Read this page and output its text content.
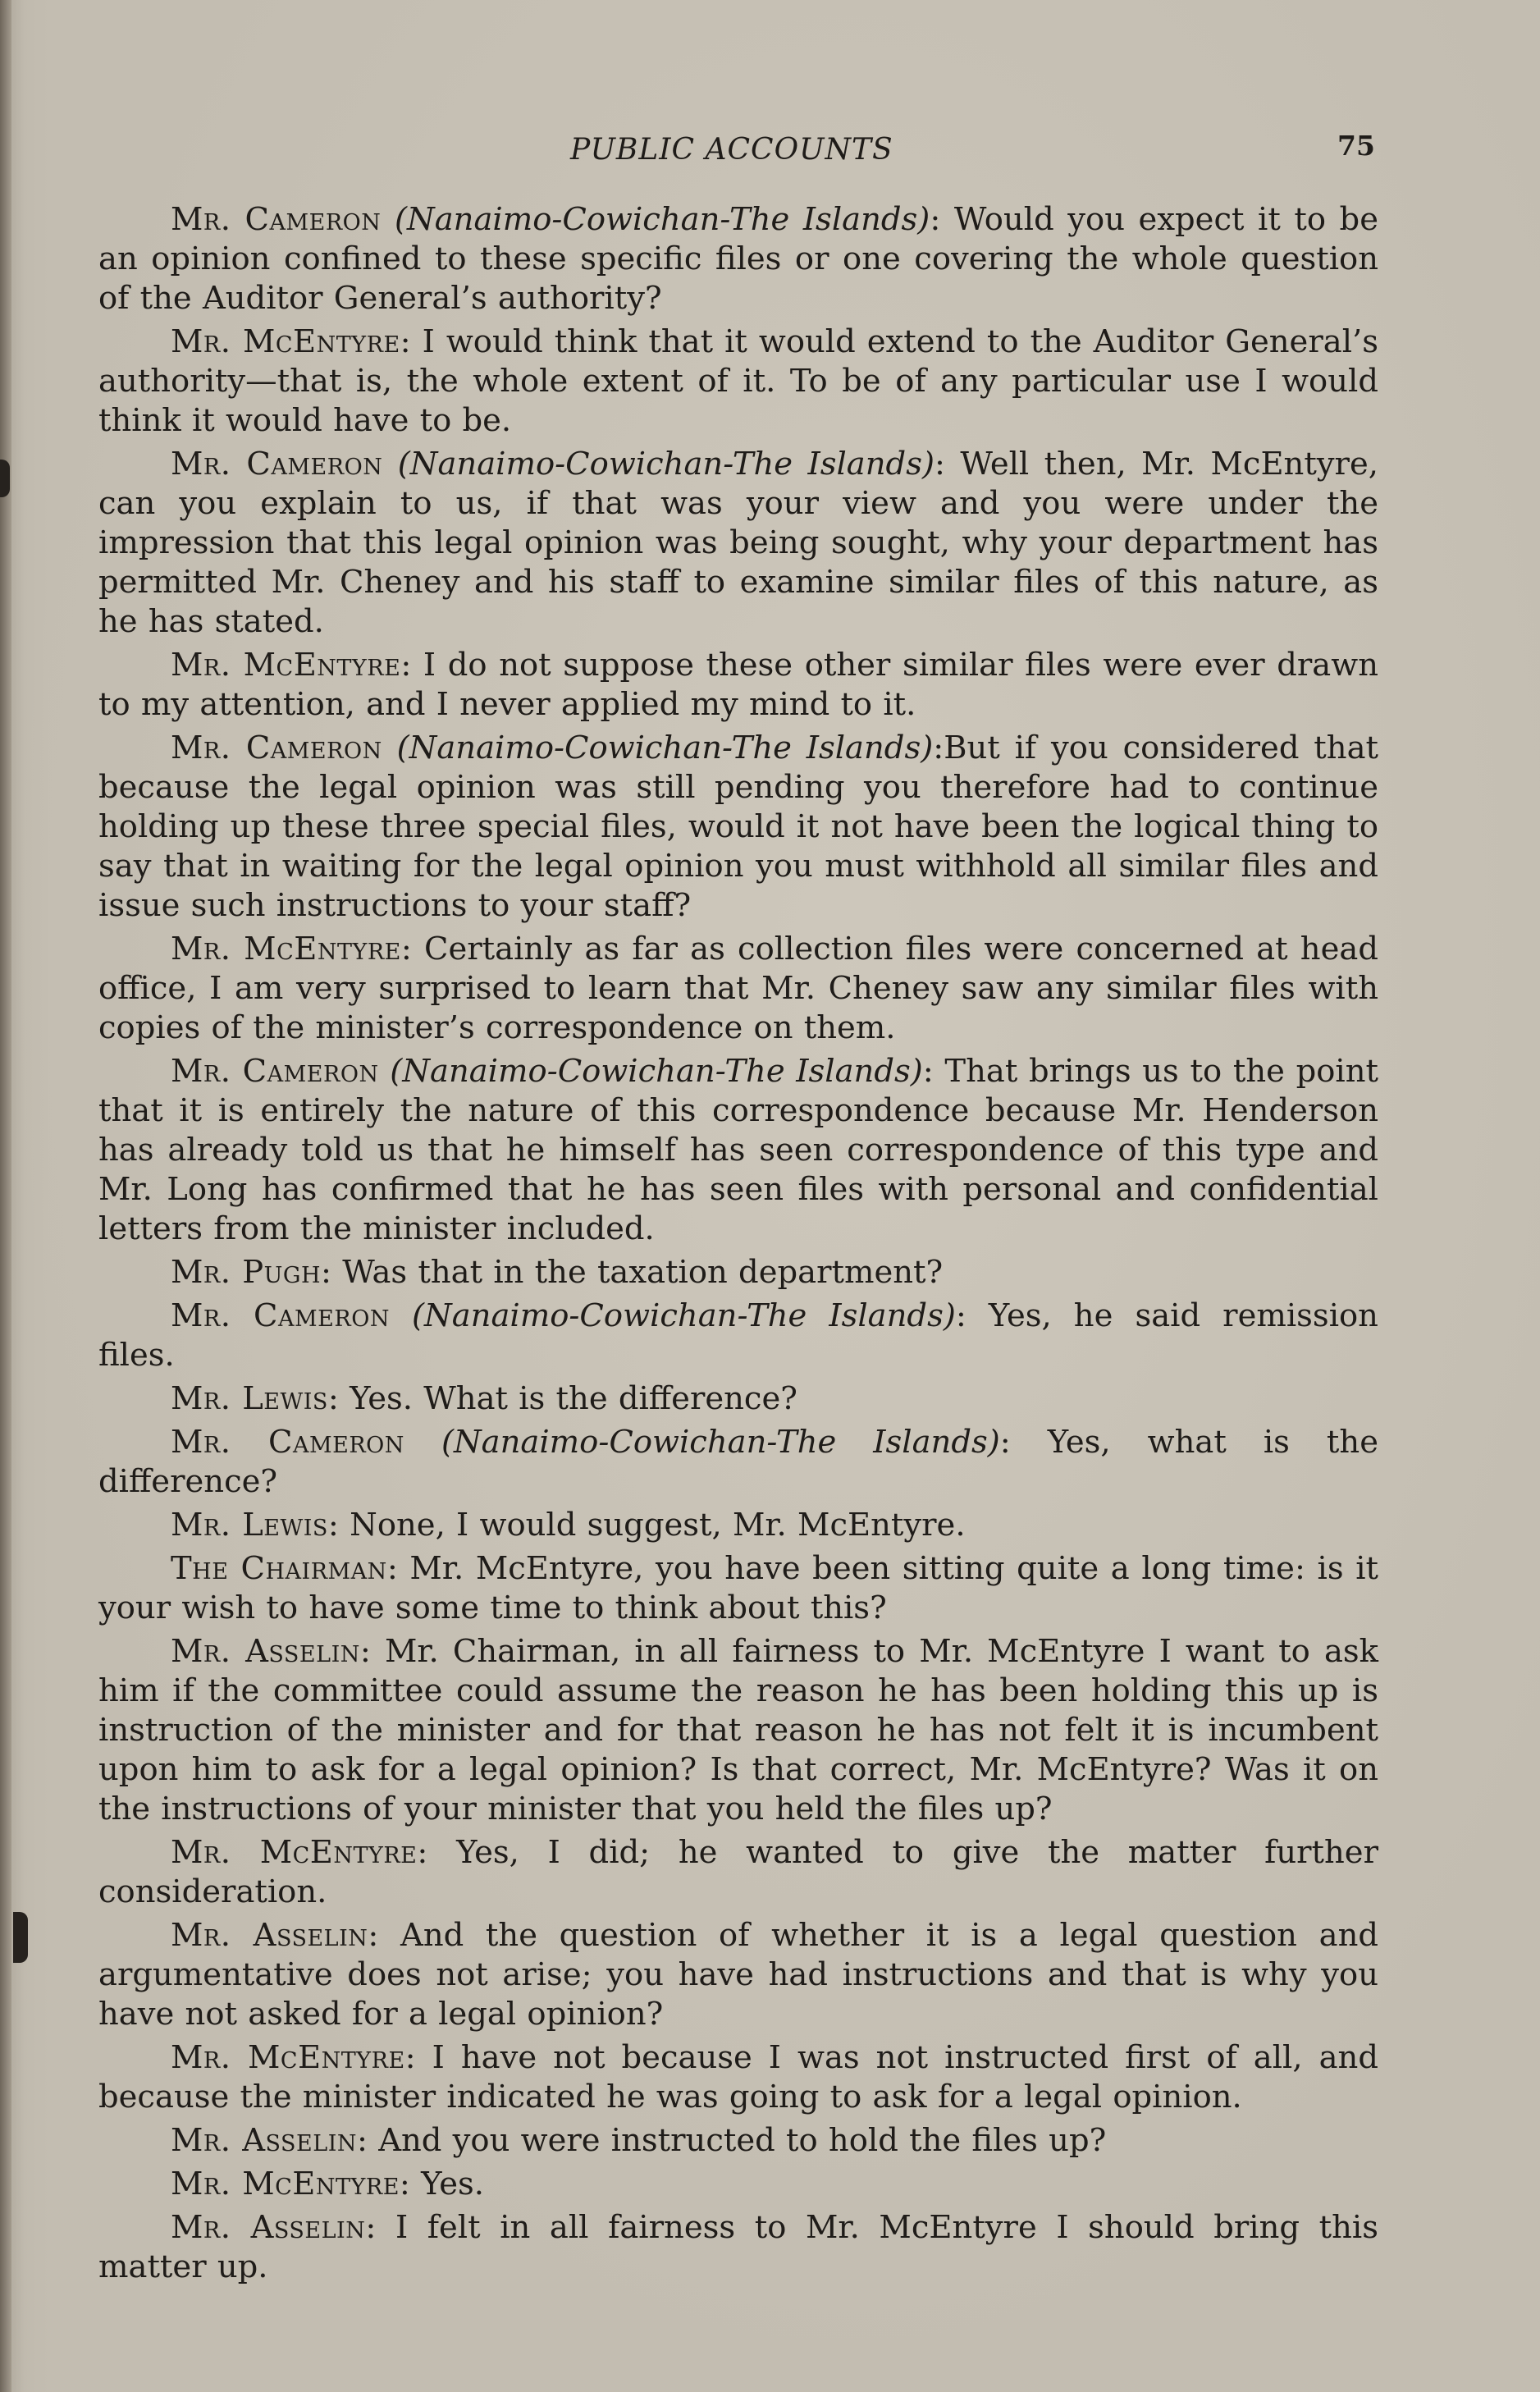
PUBLIC ACCOUNTS	75

Mr. Cameron (Nanaimo-Cowichan-The Islands): Would you expect it to be an opinion confined to these specific files or one covering the whole question of the Auditor General’s authority?

Mr. McEntyre: I would think that it would extend to the Auditor General’s authority—that is, the whole extent of it. To be of any particular use I would think it would have to be.

Mr. Cameron (Nanaimo-Cowichan-The Islands): Well then, Mr. McEntyre, can you explain to us, if that was your view and you were under the impression that this legal opinion was being sought, why your department has permitted Mr. Cheney and his staff to examine similar files of this nature, as he has stated.

Mr. McEntyre: I do not suppose these other similar files were ever drawn to my attention, and I never applied my mind to it.

Mr. Cameron (Nanaimo-Cowichan-The Islands):But if you considered that because the legal opinion was still pending you therefore had to continue holding up these three special files, would it not have been the logical thing to say that in waiting for the legal opinion you must withhold all similar files and issue such instructions to your staff?

Mr. McEntyre: Certainly as far as collection files were concerned at head office, I am very surprised to learn that Mr. Cheney saw any similar files with copies of the minister’s correspondence on them.

Mr. Cameron (Nanaimo-Cowichan-The Islands): That brings us to the point that it is entirely the nature of this correspondence because Mr. Henderson has already told us that he himself has seen correspondence of this type and Mr. Long has confirmed that he has seen files with personal and confidential letters from the minister included.

Mr. Pugh: Was that in the taxation department?

Mr. Cameron (Nanaimo-Cowichan-The Islands): Yes, he said remission files.

Mr. Lewis: Yes. What is the difference?

Mr. Cameron (Nanaimo-Cowichan-The Islands): Yes, what is the difference?

Mr. Lewis: None, I would suggest, Mr. McEntyre.

The Chairman: Mr. McEntyre, you have been sitting quite a long time: is it your wish to have some time to think about this?

Mr. Asselin: Mr. Chairman, in all fairness to Mr. McEntyre I want to ask him if the committee could assume the reason he has been holding this up is instruction of the minister and for that reason he has not felt it is incumbent upon him to ask for a legal opinion? Is that correct, Mr. McEntyre? Was it on the instructions of your minister that you held the files up?

Mr. McEntyre: Yes, I did; he wanted to give the matter further consideration.

Mr. Asselin: And the question of whether it is a legal question and argumentative does not arise; you have had instructions and that is why you have not asked for a legal opinion?

Mr. McEntyre: I have not because I was not instructed first of all, and because the minister indicated he was going to ask for a legal opinion.

Mr. Asselin: And you were instructed to hold the files up?

Mr. McEntyre: Yes.

Mr. Asselin: I felt in all fairness to Mr. McEntyre I should bring this matter up.
